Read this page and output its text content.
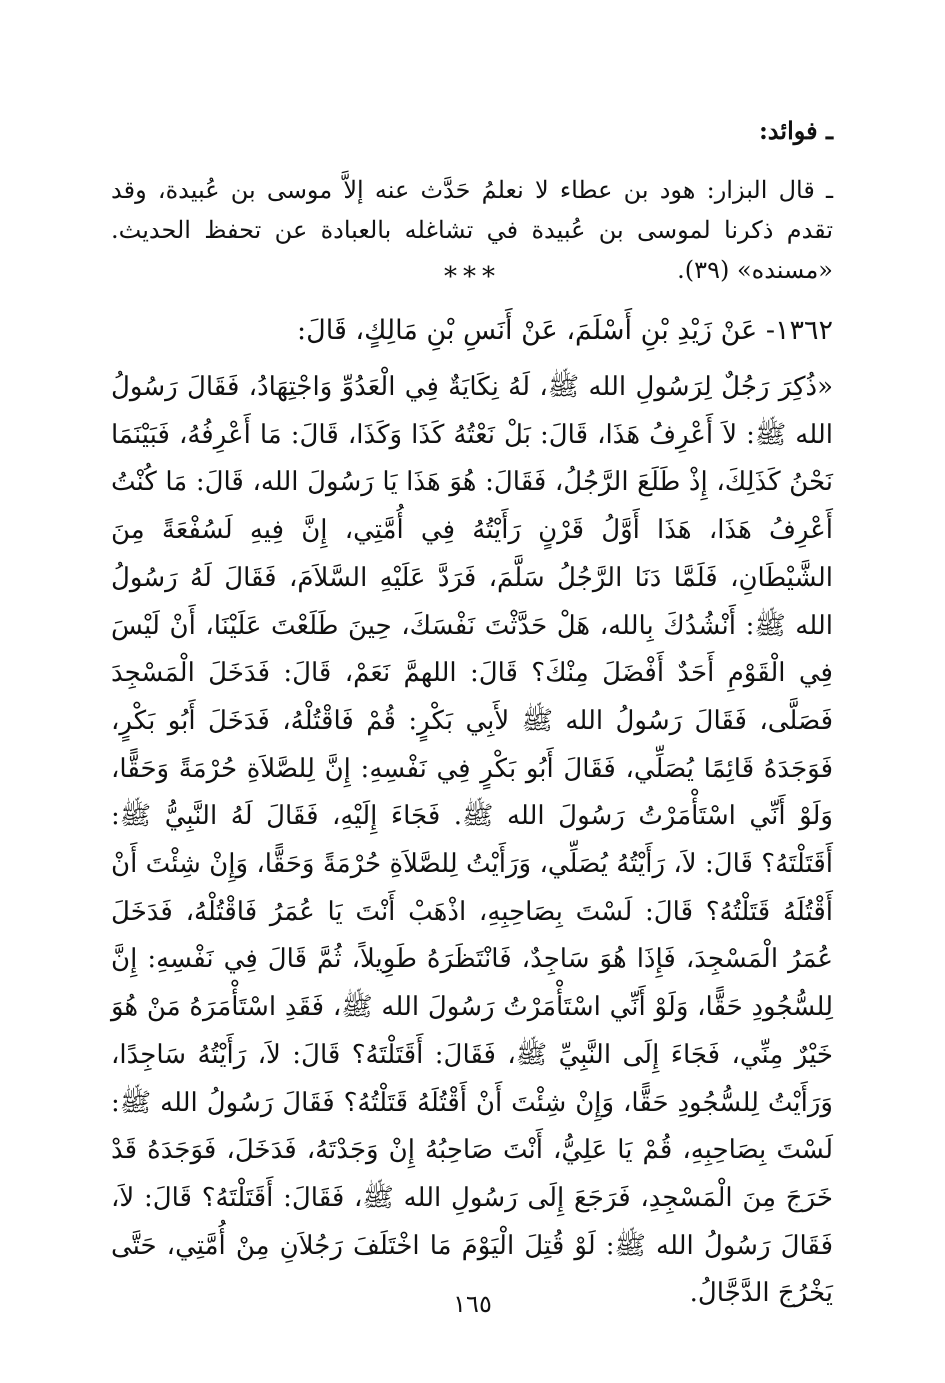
ـ فوائد:

ـ قال البزار: هود بن عطاء لا نعلمُ حَدَّث عنه إلاَّ موسى بن عُبيدة، وقد تقدم ذكرنا لموسى بن عُبيدة في تشاغله بالعبادة عن تحفظ الحديث. «مسنده» (٣٩).

***

١٣٦٢- عَنْ زَيْدِ بْنِ أَسْلَمَ، عَنْ أَنَسِ بْنِ مَالِكٍ، قَالَ:

«ذُكِرَ رَجُلٌ لِرَسُولِ الله ﷺ، لَهُ نِكَايَةٌ فِي الْعَدُوِّ وَاجْتِهَادُ، فَقَالَ رَسُولُ الله ﷺ: لاَ أَعْرِفُ هَذَا، قَالَ: بَلْ نَعْتُهُ كَذَا وَكَذَا، قَالَ: مَا أَعْرِفُهُ، فَبَيْنَمَا نَحْنُ كَذَلِكَ، إِذْ طَلَعَ الرَّجُلُ، فَقَالَ: هُوَ هَذَا يَا رَسُولَ الله، قَالَ: مَا كُنْتُ أَعْرِفُ هَذَا، هَذَا أَوَّلُ قَرْنٍ رَأَيْتُهُ فِي أُمَّتِي، إِنَّ فِيهِ لَسُفْعَةً مِنَ الشَّيْطَانِ، فَلَمَّا دَنَا الرَّجُلُ سَلَّمَ، فَرَدَّ عَلَيْهِ السَّلاَمَ، فَقَالَ لَهُ رَسُولُ الله ﷺ: أَنْشُدُكَ بِالله، هَلْ حَدَّثْتَ نَفْسَكَ، حِينَ طَلَعْتَ عَلَيْنَا، أَنْ لَيْسَ فِي الْقَوْمِ أَحَدٌ أَفْضَلَ مِنْكَ؟ قَالَ: اللهمَّ نَعَمْ، قَالَ: فَدَخَلَ الْمَسْجِدَ فَصَلَّى، فَقَالَ رَسُولُ الله ﷺ لأَبِي بَكْرٍ: قُمْ فَاقْتُلْهُ، فَدَخَلَ أَبُو بَكْرٍ، فَوَجَدَهُ قَائِمًا يُصَلِّي، فَقَالَ أَبُو بَكْرٍ فِي نَفْسِهِ: إِنَّ لِلصَّلاَةِ حُرْمَةً وَحَقًّا، وَلَوْ أَنِّي اسْتَأْمَرْتُ رَسُولَ الله ﷺ. فَجَاءَ إِلَيْهِ، فَقَالَ لَهُ النَّبِيُّ ﷺ: أَقَتَلْتَهُ؟ قَالَ: لاَ، رَأَيْتُهُ يُصَلِّي، وَرَأَيْتُ لِلصَّلاَةِ حُرْمَةً وَحَقًّا، وَإِنْ شِئْتَ أَنْ أَقْتُلَهُ قَتَلْتُهُ؟ قَالَ: لَسْتَ بِصَاحِبِهِ، اذْهَبْ أَنْتَ يَا عُمَرُ فَاقْتُلْهُ، فَدَخَلَ عُمَرُ الْمَسْجِدَ، فَإِذَا هُوَ سَاجِدٌ، فَانْتَظَرَهُ طَوِيلاً، ثُمَّ قَالَ فِي نَفْسِهِ: إِنَّ لِلسُّجُودِ حَقًّا، وَلَوْ أَنِّي اسْتَأْمَرْتُ رَسُولَ الله ﷺ، فَقَدِ اسْتَأْمَرَهُ مَنْ هُوَ خَيْرٌ مِنِّي، فَجَاءَ إِلَى النَّبِيِّ ﷺ، فَقَالَ: أَقَتَلْتَهُ؟ قَالَ: لاَ، رَأَيْتُهُ سَاجِدًا، وَرَأَيْتُ لِلسُّجُودِ حَقًّا، وَإِنْ شِئْتَ أَنْ أَقْتُلَهُ قَتَلْتُهُ؟ فَقَالَ رَسُولُ الله ﷺ: لَسْتَ بِصَاحِبِهِ، قُمْ يَا عَلِيُّ، أَنْتَ صَاحِبُهُ إِنْ وَجَدْتَهُ، فَدَخَلَ، فَوَجَدَهُ قَدْ خَرَجَ مِنَ الْمَسْجِدِ، فَرَجَعَ إِلَى رَسُولِ الله ﷺ، فَقَالَ: أَقَتَلْتَهُ؟ قَالَ: لاَ، فَقَالَ رَسُولُ الله ﷺ: لَوْ قُتِلَ الْيَوْمَ مَا اخْتَلَفَ رَجُلاَنِ مِنْ أُمَّتِي، حَتَّى يَخْرُجَ الدَّجَّالُ.

١٦٥
